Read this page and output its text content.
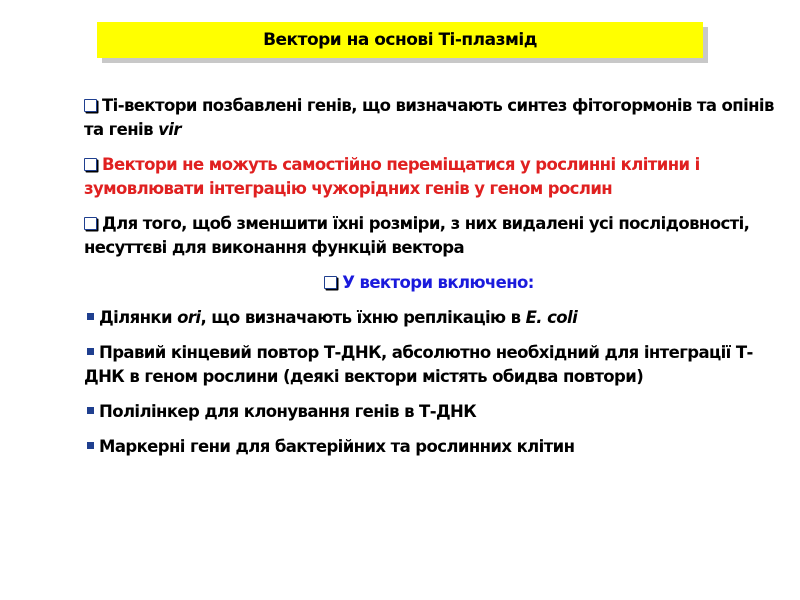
Вектори на основі Ті-плазмід
Ті-вектори позбавлені генів, що визначають синтез фітогормонів та опінів та генів vir
Вектори не можуть самостійно переміщатися у рослинні клітини і зумовлювати інтеграцію чужорідних генів у геном рослин
Для того, щоб зменшити їхні розміри, з них видалені усі послідовності, несуттєві для виконання функцій вектора
У вектори включено:
Ділянки ori, що визначають їхню реплікацію в E. coli
Правий кінцевий повтор Т-ДНК, абсолютно необхідний для інтеграції Т-ДНК в геном рослини (деякі вектори містять обидва повтори)
Полілінкер для клонування генів в Т-ДНК
Маркерні гени для бактерійних та рослинних клітин
